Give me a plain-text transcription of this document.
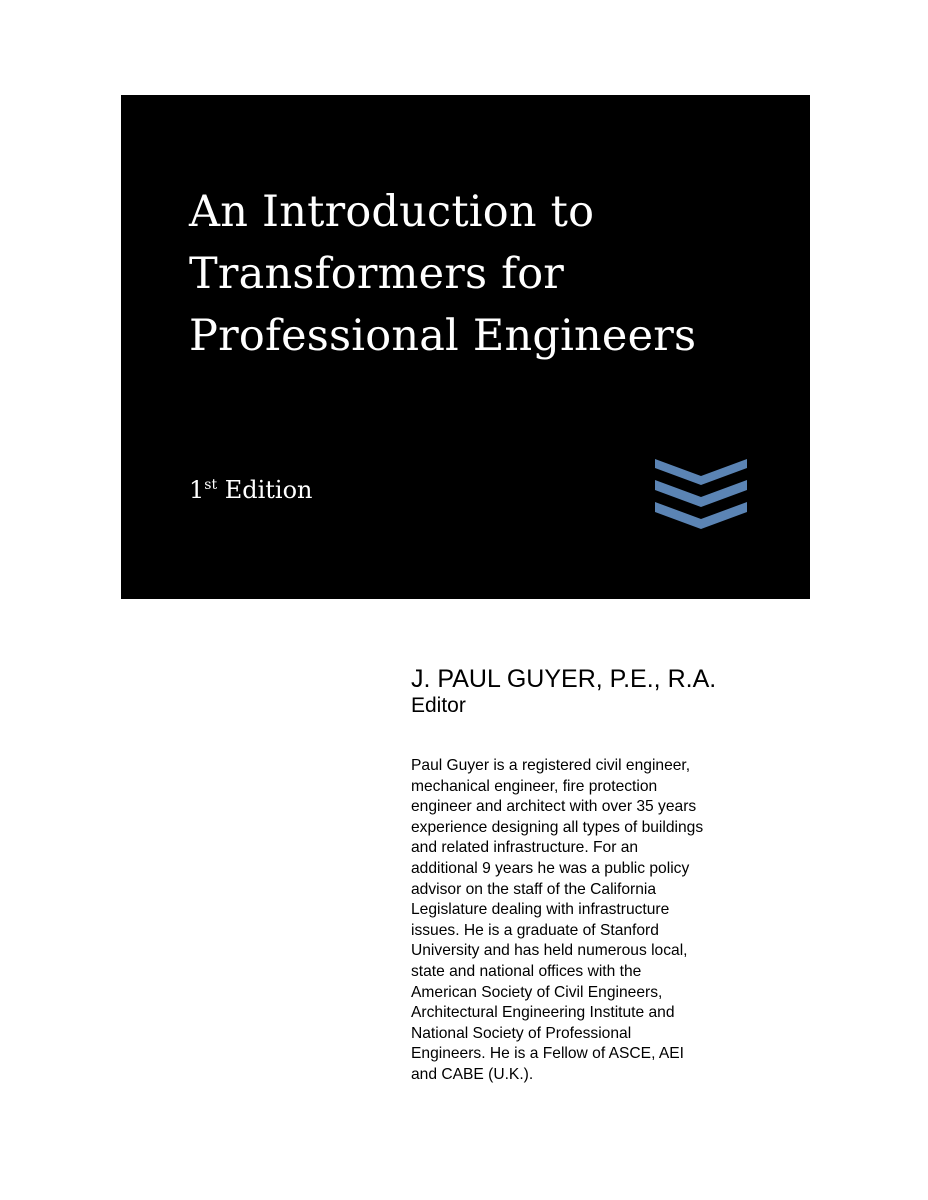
An Introduction to
Transformers for
Professional Engineers
1st Edition
J. PAUL GUYER, P.E., R.A.
Editor
Paul Guyer is a registered civil engineer,
mechanical engineer, fire protection
engineer and architect with over 35 years
experience designing all types of buildings
and related infrastructure. For an
additional 9 years he was a public policy
advisor on the staff of the California
Legislature dealing with infrastructure
issues. He is a graduate of Stanford
University and has held numerous local,
state and national offices with the
American Society of Civil Engineers,
Architectural Engineering Institute and
National Society of Professional
Engineers. He is a Fellow of ASCE, AEI
and CABE (U.K.).
